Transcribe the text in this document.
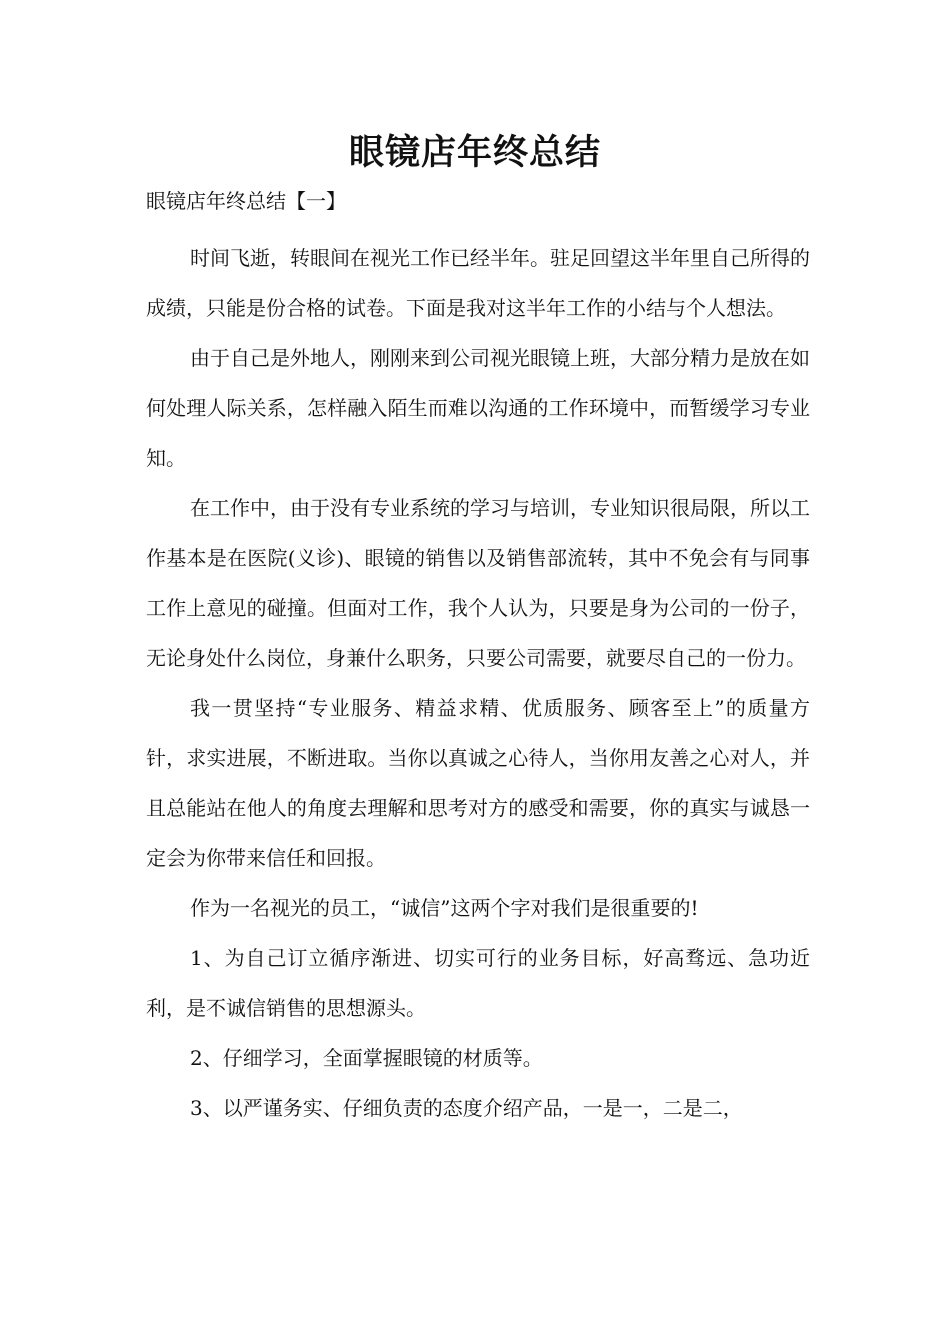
眼镜店年终总结

眼镜店年终总结【一】

时间飞逝，转眼间在视光工作已经半年。驻足回望这半年里自己所得的成绩，只能是份合格的试卷。下面是我对这半年工作的小结与个人想法。

由于自己是外地人，刚刚来到公司视光眼镜上班，大部分精力是放在如何处理人际关系，怎样融入陌生而难以沟通的工作环境中，而暂缓学习专业知。

在工作中，由于没有专业系统的学习与培训，专业知识很局限，所以工作基本是在医院(义诊)、眼镜的销售以及销售部流转，其中不免会有与同事工作上意见的碰撞。但面对工作，我个人认为，只要是身为公司的一份子，无论身处什么岗位，身兼什么职务，只要公司需要，就要尽自己的一份力。

我一贯坚持“专业服务、精益求精、优质服务、顾客至上”的质量方针，求实进展，不断进取。当你以真诚之心待人，当你用友善之心对人，并且总能站在他人的角度去理解和思考对方的感受和需要，你的真实与诚恳一定会为你带来信任和回报。

作为一名视光的员工，“诚信”这两个字对我们是很重要的!

1、为自己订立循序渐进、切实可行的业务目标，好高骛远、急功近利，是不诚信销售的思想源头。

2、仔细学习，全面掌握眼镜的材质等。

3、以严谨务实、仔细负责的态度介绍产品，一是一，二是二，
